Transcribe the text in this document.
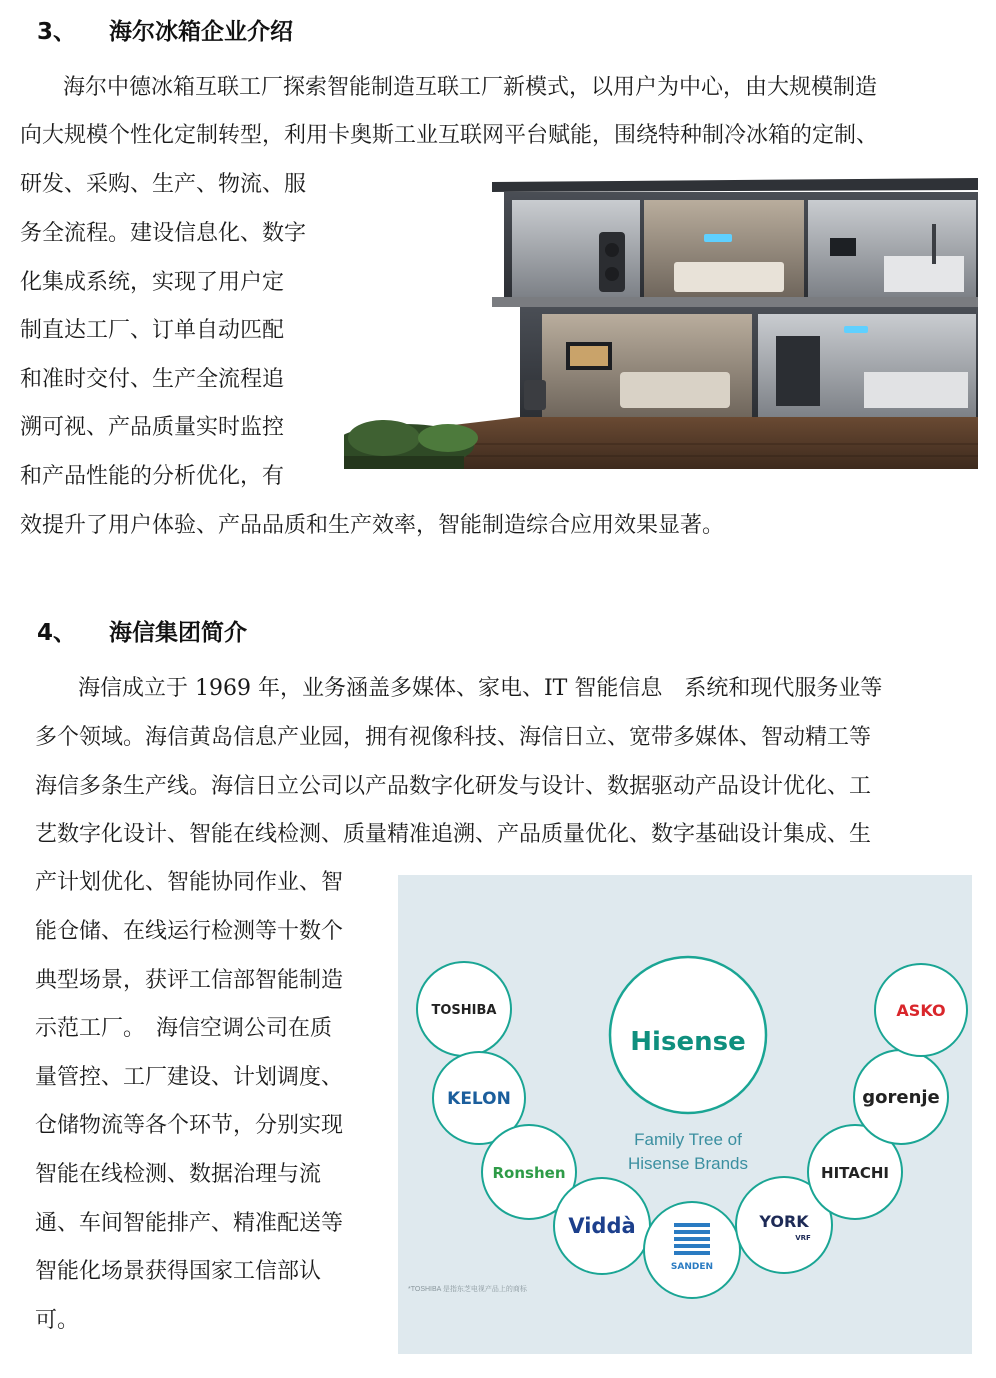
3、 海尔冰箱企业介绍
海尔中德冰箱互联工厂探索智能制造互联工厂新模式，以用户为中心，由大规模制造
向大规模个性化定制转型，利用卡奥斯工业互联网平台赋能，围绕特种制冷冰箱的定制、
研发、采购、生产、物流、服
务全流程。建设信息化、数字
化集成系统，实现了用户定
制直达工厂、订单自动匹配
和准时交付、生产全流程追
溯可视、产品质量实时监控
和产品性能的分析优化，有
效提升了用户体验、产品品质和生产效率，智能制造综合应用效果显著。
4、 海信集团简介
海信成立于 1969 年，业务涵盖多媒体、家电、IT 智能信息　系统和现代服务业等
多个领域。海信黄岛信息产业园，拥有视像科技、海信日立、宽带多媒体、智动精工等
海信多条生产线。海信日立公司以产品数字化研发与设计、数据驱动产品设计优化、工
艺数字化设计、智能在线检测、质量精准追溯、产品质量优化、数字基础设计集成、生
产计划优化、智能协同作业、智
能仓储、在线运行检测等十数个
典型场景，获评工信部智能制造
示范工厂。　海信空调公司在质
量管控、工厂建设、计划调度、
仓储物流等各个环节，分别实现
智能在线检测、数据治理与流
通、车间智能排产、精准配送等
智能化场景获得国家工信部认
可。
Hisense
Family Tree of
Hisense Brands
TOSHIBA
KELON
Ronshen
Viddà
SANDEN
YORK
VRF
HITACHI
gorenje
ASKO
*TOSHIBA 是指东芝电视产品上的商标
